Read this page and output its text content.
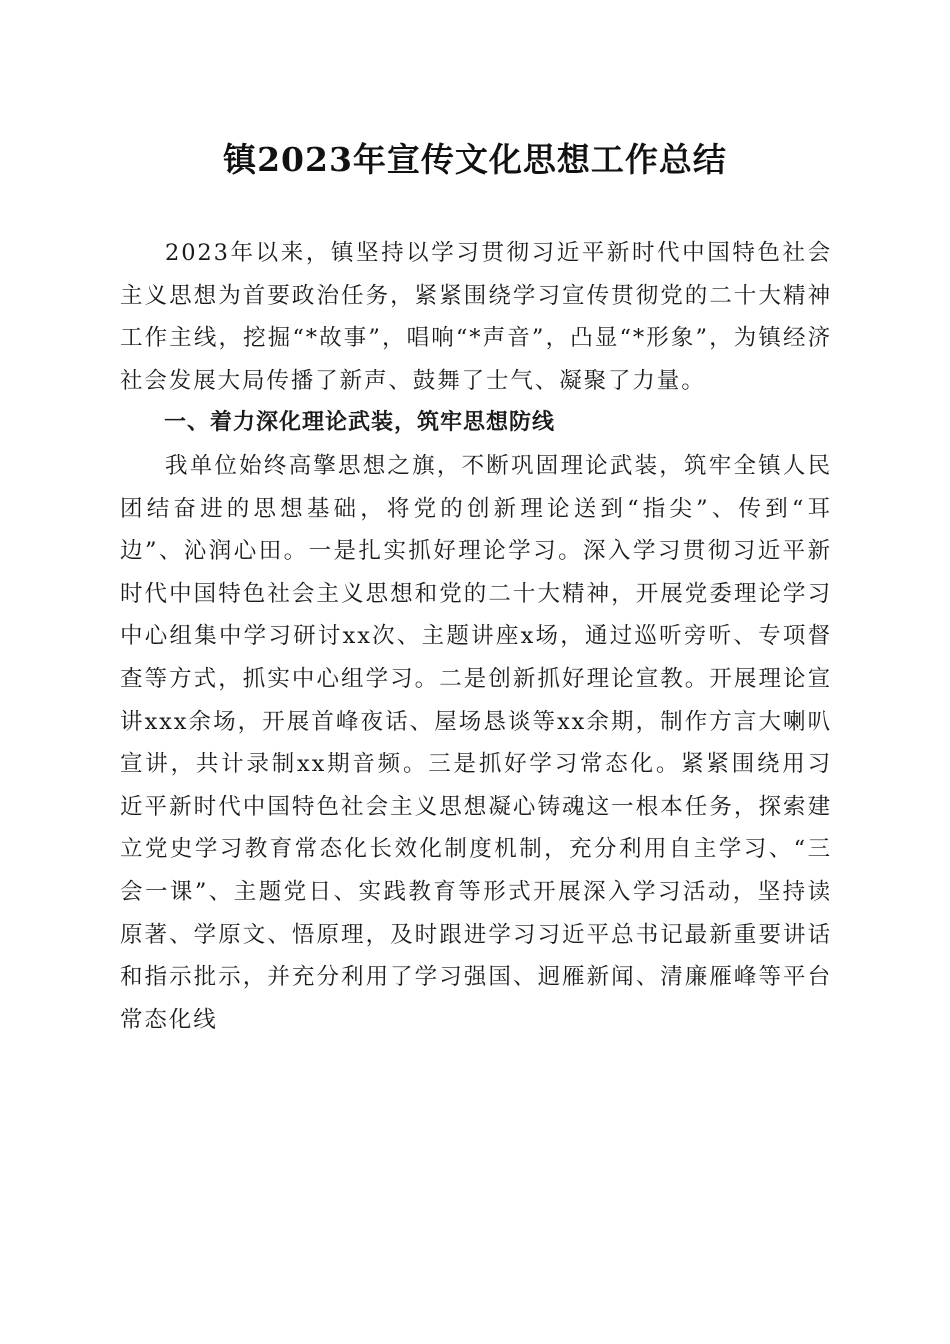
镇2023年宣传文化思想工作总结

2023年以来，镇坚持以学习贯彻习近平新时代中国特色社会主义思想为首要政治任务，紧紧围绕学习宣传贯彻党的二十大精神工作主线，挖掘“*故事”，唱响“*声音”，凸显“*形象”，为镇经济社会发展大局传播了新声、鼓舞了士气、凝聚了力量。

一、着力深化理论武装，筑牢思想防线

我单位始终高擎思想之旗，不断巩固理论武装，筑牢全镇人民团结奋进的思想基础，将党的创新理论送到“指尖”、传到“耳边”、沁润心田。一是扎实抓好理论学习。深入学习贯彻习近平新时代中国特色社会主义思想和党的二十大精神，开展党委理论学习中心组集中学习研讨xx次、主题讲座x场，通过巡听旁听、专项督查等方式，抓实中心组学习。二是创新抓好理论宣教。开展理论宣讲xxx余场，开展首峰夜话、屋场恳谈等xx余期，制作方言大喇叭宣讲，共计录制xx期音频。三是抓好学习常态化。紧紧围绕用习近平新时代中国特色社会主义思想凝心铸魂这一根本任务，探索建立党史学习教育常态化长效化制度机制，充分利用自主学习、“三会一课”、主题党日、实践教育等形式开展深入学习活动，坚持读原著、学原文、悟原理，及时跟进学习习近平总书记最新重要讲话和指示批示，并充分利用了学习强国、迥雁新闻、清廉雁峰等平台常态化线
